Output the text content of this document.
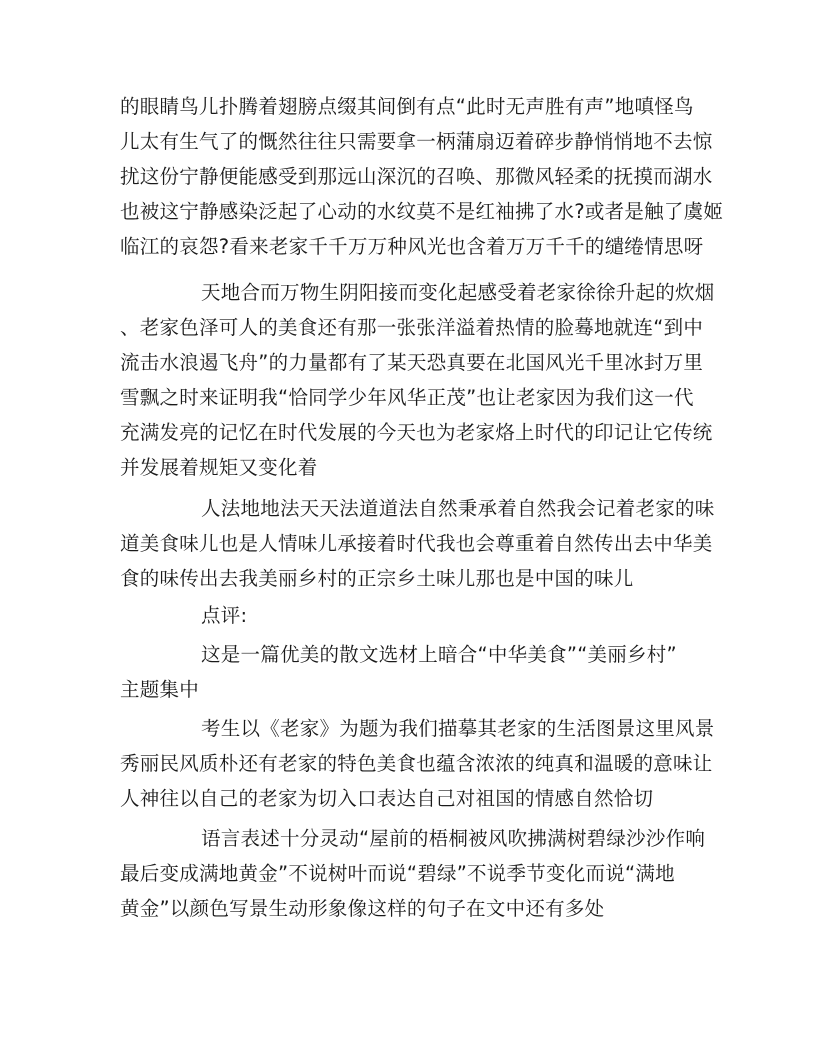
的眼睛鸟儿扑腾着翅膀点缀其间倒有点“此时无声胜有声”地嗔怪鸟
儿太有生气了的慨然往往只需要拿一柄蒲扇迈着碎步静悄悄地不去惊
扰这份宁静便能感受到那远山深沉的召唤、那微风轻柔的抚摸而湖水
也被这宁静感染泛起了心动的水纹莫不是红袖拂了水?或者是触了虞姬
临江的哀怨?看来老家千千万万种风光也含着万万千千的缱绻情思呀
天地合而万物生阴阳接而变化起感受着老家徐徐升起的炊烟
、老家色泽可人的美食还有那一张张洋溢着热情的脸蓦地就连“到中
流击水浪遏飞舟”的力量都有了某天恐真要在北国风光千里冰封万里
雪飘之时来证明我“恰同学少年风华正茂”也让老家因为我们这一代
充满发亮的记忆在时代发展的今天也为老家烙上时代的印记让它传统
并发展着规矩又变化着
人法地地法天天法道道法自然秉承着自然我会记着老家的味
道美食味儿也是人情味儿承接着时代我也会尊重着自然传出去中华美
食的味传出去我美丽乡村的正宗乡土味儿那也是中国的味儿
点评:
这是一篇优美的散文选材上暗合“中华美食”“美丽乡村”
主题集中
考生以《老家》为题为我们描摹其老家的生活图景这里风景
秀丽民风质朴还有老家的特色美食也蕴含浓浓的纯真和温暖的意味让
人神往以自己的老家为切入口表达自己对祖国的情感自然恰切
语言表述十分灵动“屋前的梧桐被风吹拂满树碧绿沙沙作响
最后变成满地黄金”不说树叶而说“碧绿”不说季节变化而说“满地
黄金”以颜色写景生动形象像这样的句子在文中还有多处
